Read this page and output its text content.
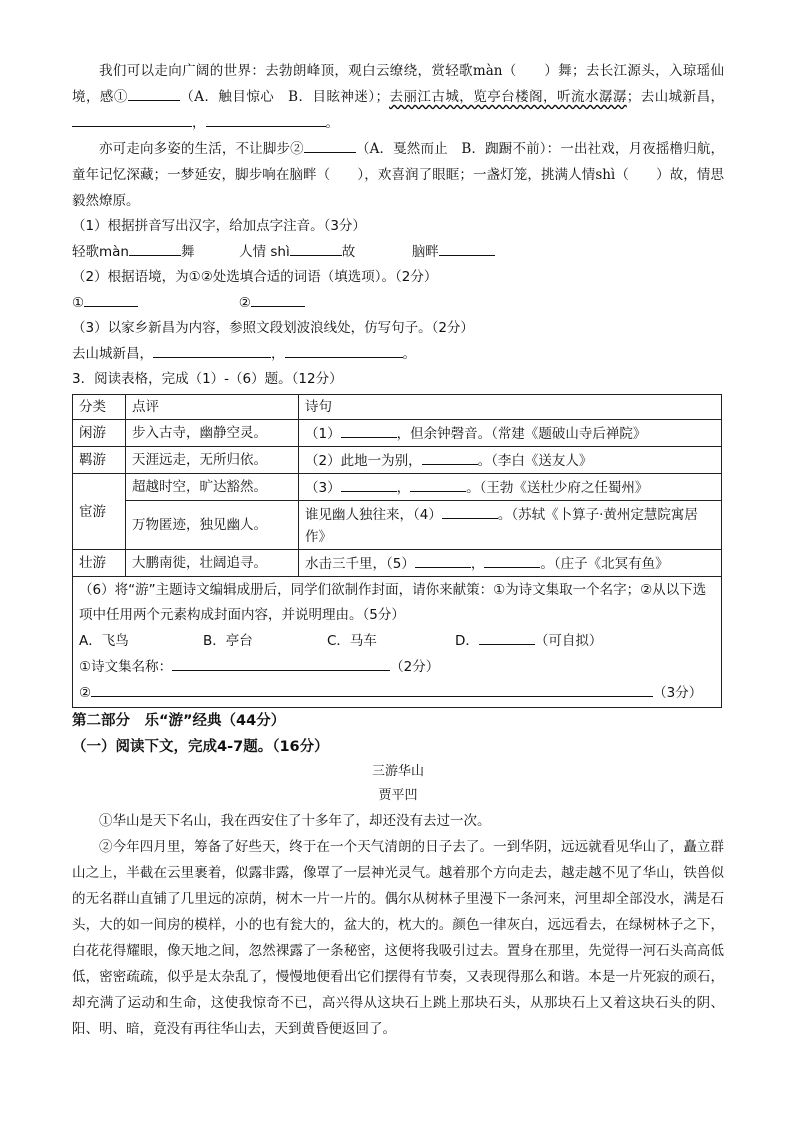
我们可以走向广阔的世界：去勃朗峰顶，观白云缭绕，赏轻歌màn（　　）舞；去长江源头，入琼瑶仙境，感①	（A．触目惊心　B．目眩神迷）；去丽江古城，览亭台楼阁，听流水潺潺；去山城新昌，，	。

亦可走向多姿的生活，不让脚步②	（A．戛然而止　B．踟蹰不前）：一出社戏，月夜摇橹归航，童年记忆深藏；一梦延安，脚步响在脑畔（　　），欢喜润了眼眶；一盏灯笼，挑满人情shì（　　）故，情思毅然燎原。

（1）根据拼音写出汉字，给加点字注音。（3分）

轻歌màn	舞	人情 shì	故	脑畔

（2）根据语境，为①②处选填合适的词语（填选项）。（2分）

①	②

（3）以家乡新昌为内容，参照文段划波浪线处，仿写句子。（2分）

去山城新昌，	，	。

3．阅读表格，完成（1）-（6）题。（12分）

分类	点评	诗句
闲游	步入古寺，幽静空灵。	（1） ，但余钟磬音。（常建《题破山寺后禅院》
羁游	天涯远走，无所归依。	（2）此地一为别， 。（李白《送友人》
宦游	超越时空，旷达豁然。	（3） ， 。（王勃《送杜少府之任蜀州》
	万物匿迹，独见幽人。	谁见幽人独往来，（4） 。（苏轼《卜算子·黄州定慧院寓居作》
壮游	大鹏南徙，壮阔追寻。	水击三千里，（5） ， 。（庄子《北冥有鱼》

（6）将“游”主题诗文编辑成册后，同学们欲制作封面，请你来献策：①为诗文集取一个名字；②从以下选项中任用两个元素构成封面内容，并说明理由。（5分）
A．飞鸟 B．亭台 C．马车 D． （可自拟）
①诗文集名称： （2分）
② （3分）		

第二部分　乐“游”经典（44分）

（一）阅读下文，完成4-7题。（16分）

三游华山

贾平凹

①华山是天下名山，我在西安住了十多年了，却还没有去过一次。

②今年四月里，筹备了好些天，终于在一个天气清朗的日子去了。一到华阴，远远就看见华山了，矗立群山之上，半截在云里裹着，似露非露，像罩了一层神光灵气。越着那个方向走去，越走越不见了华山，铁兽似的无名群山直铺了几里远的凉荫，树木一片一片的。偶尔从树林子里漫下一条河来，河里却全部没水，满是石头，大的如一间房的模样，小的也有瓮大的，盆大的，枕大的。颜色一律灰白，远远看去，在绿树林子之下，白花花得耀眼，像天地之间，忽然裸露了一条秘密，这便将我吸引过去。置身在那里，先觉得一河石头高高低低，密密疏疏，似乎是太杂乱了，慢慢地便看出它们摆得有节奏，又表现得那么和谐。本是一片死寂的顽石，却充满了运动和生命，这使我惊奇不已，高兴得从这块石上跳上那块石头，从那块石上又着这块石头的阴、阳、明、暗，竟没有再往华山去，天到黄昏便返回了。
